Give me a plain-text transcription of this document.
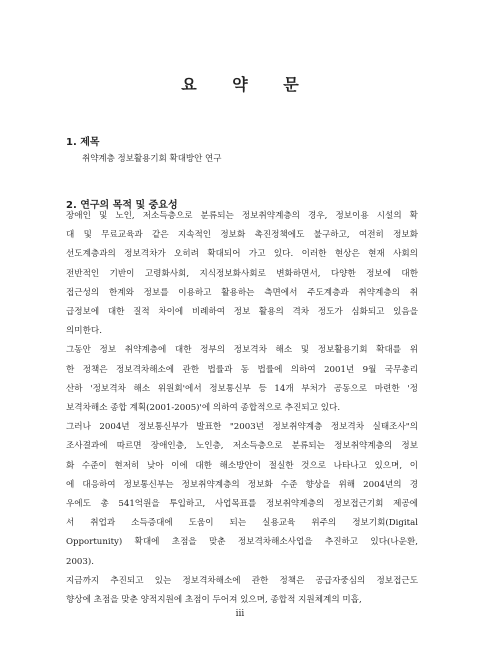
요 약 문
1. 제목
취약계층 정보활용기회 확대방안 연구
2. 연구의 목적 및 중요성
장애인 및 노인, 저소득층으로 분류되는 정보취약계층의 경우, 정보이용 시설의 확
대 및 무료교육과 같은 지속적인 정보화 촉진정책에도 불구하고, 여전히 정보화
선도계층과의 정보격차가 오히려 확대되어 가고 있다. 이러한 현상은 현재 사회의
전반적인 기반이 고령화사회, 지식정보화사회로 변화하면서, 다양한 정보에 대한
접근성의 한계와 정보를 이용하고 활용하는 측면에서 주도계층과 취약계층의 취
급정보에 대한 질적 차이에 비례하여 정보 활용의 격차 정도가 심화되고 있음을
의미한다.
그동안 정보 취약계층에 대한 정부의 정보격차 해소 및 정보활용기회 확대를 위
한 정책은 정보격차해소에 관한 법률과 동 법률에 의하여 2001년 9월 국무총리
산하 '정보격차 해소 위원회'에서 정보통신부 등 14개 부처가 공동으로 마련한 '정
보격차해소 종합 계획(2001-2005)'에 의하여 종합적으로 추진되고 있다.
그러나 2004년 정보통신부가 발표한 "2003년 정보취약계층 정보격차 실태조사"의
조사결과에 따르면 장애인층, 노인층, 저소득층으로 분류되는 정보취약계층의 정보
화 수준이 현저히 낮아 이에 대한 해소방안이 절실한 것으로 나타나고 있으며, 이
에 대응하여 정보통신부는 정보취약계층의 정보화 수준 향상을 위해 2004년의 경
우에도 총 541억원을 투입하고, 사업목표를 정보취약계층의 정보접근기회 제공에
서 취업과 소득증대에 도움이 되는 실용교육 위주의 정보기회(Digital
Opportunity) 확대에 초점을 맞춘 정보격차해소사업을 추진하고 있다(나운환,
2003).
지금까지 추진되고 있는 정보격차해소에 관한 정책은 공급자중심의 정보접근도
향상에 초점을 맞춘 양적지원에 초점이 두어져 있으며, 종합적 지원체계의 미흡,
iii
